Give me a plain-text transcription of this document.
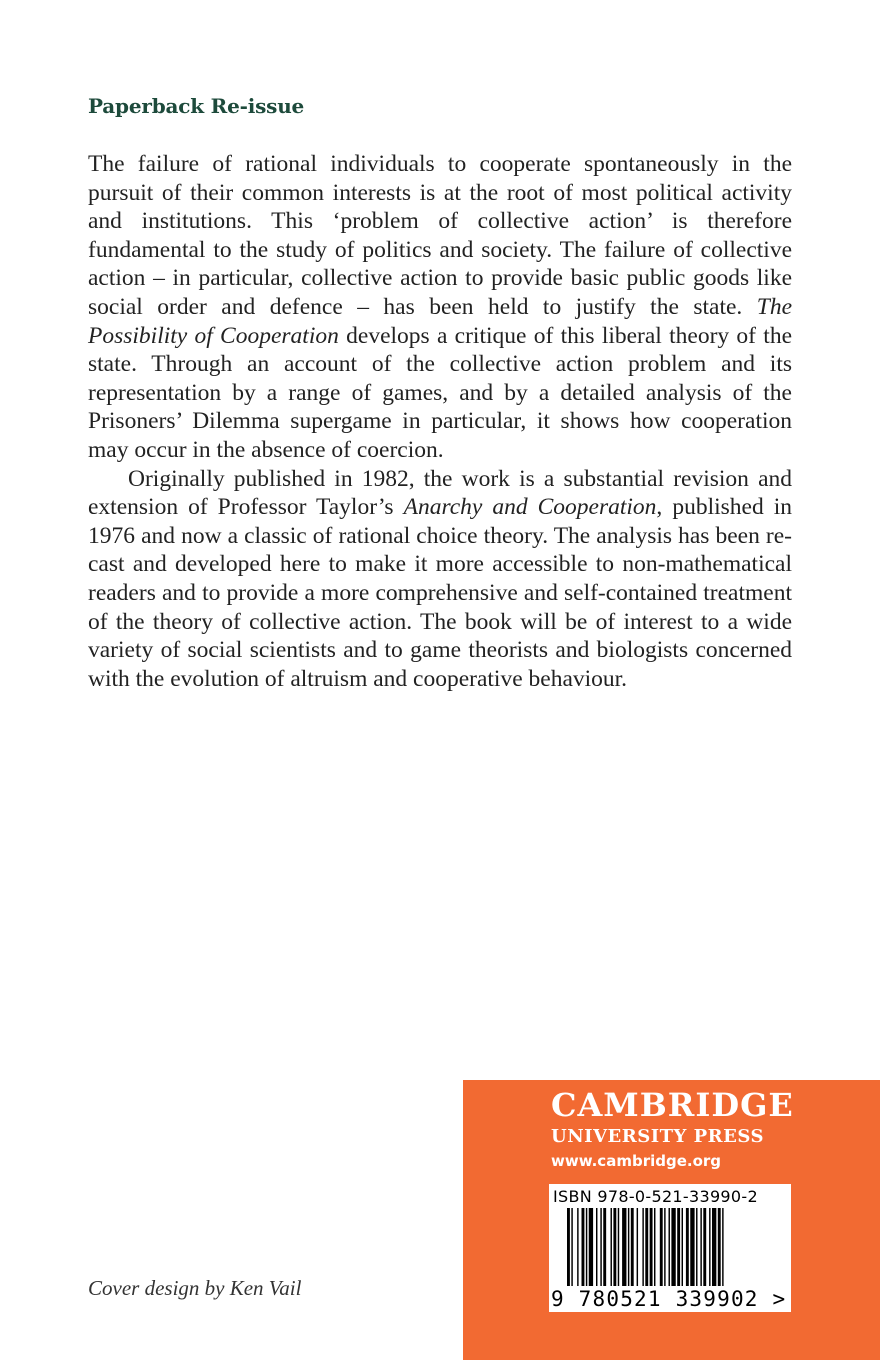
Paperback Re-issue

The failure of rational individuals to cooperate spontaneously in the pursuit of their common interests is at the root of most political activity and institutions. This ‘problem of collective action’ is therefore fundamental to the study of politics and society. The failure of collective action – in particular, collective action to provide basic public goods like social order and defence – has been held to justify the state. The Possibility of Cooperation develops a critique of this liberal theory of the state. Through an account of the collective action problem and its representation by a range of games, and by a detailed analysis of the Prisoners’ Dilemma supergame in particular, it shows how cooperation may occur in the absence of coercion.

Originally published in 1982, the work is a substantial revision and extension of Professor Taylor’s Anarchy and Cooperation, published in 1976 and now a classic of rational choice theory. The analysis has been re-cast and developed here to make it more accessible to non-mathematical readers and to provide a more comprehensive and self-contained treatment of the theory of collective action. The book will be of interest to a wide variety of social scientists and to game theorists and biologists concerned with the evolution of altruism and cooperative behaviour.

Cover design by Ken Vail
CAMBRIDGE
UNIVERSITY PRESS
www.cambridge.org
ISBN 978-0-521-33990-2
9 780521 339902 >
